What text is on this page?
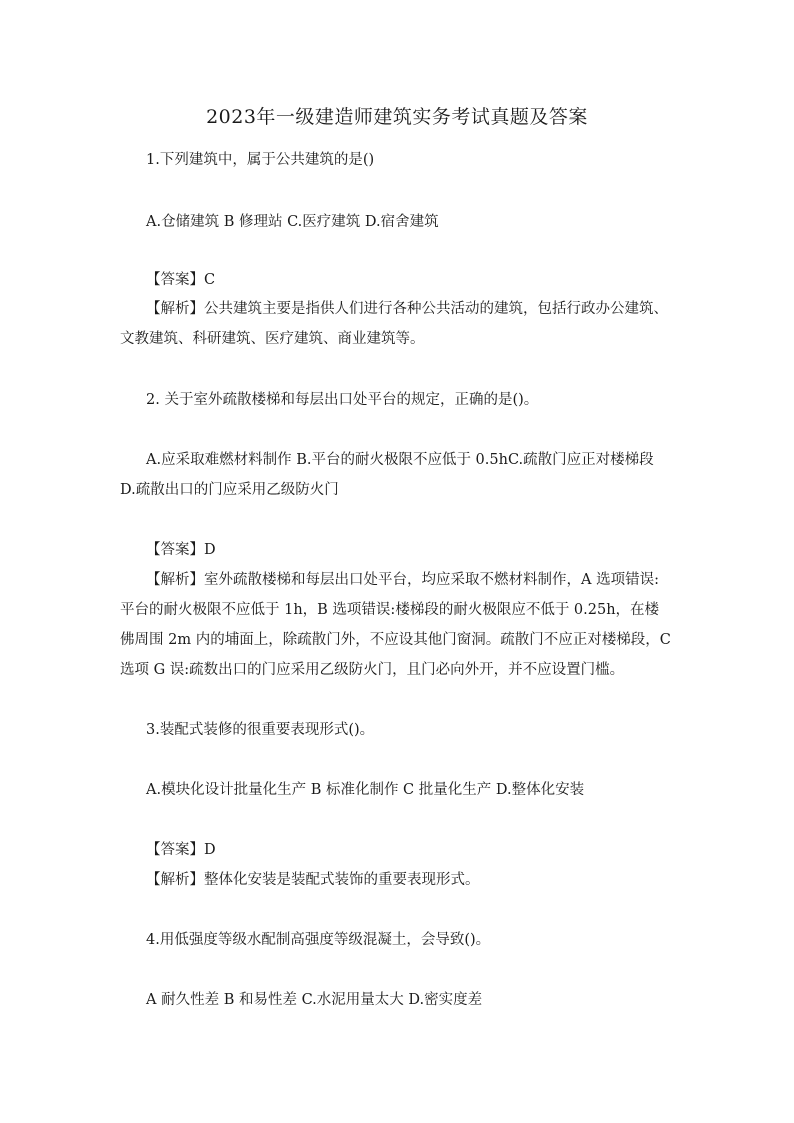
2023年一级建造师建筑实务考试真题及答案
1.下列建筑中，属于公共建筑的是()
A.仓储建筑 B 修理站 C.医疗建筑 D.宿舍建筑
【答案】C
【解析】公共建筑主要是指供人们进行各种公共活动的建筑，包括行政办公建筑、文教建筑、科研建筑、医疗建筑、商业建筑等。
2. 关于室外疏散楼梯和每层出口处平台的规定，正确的是()。
A.应采取难燃材料制作 B.平台的耐火极限不应低于 0.5hC.疏散门应正对楼梯段 D.疏散出口的门应采用乙级防火门
【答案】D
【解析】室外疏散楼梯和每层出口处平台，均应采取不燃材料制作，A 选项错误:平台的耐火极限不应低于 1h，B 选项错误:楼梯段的耐火极限应不低于 0.25h，在楼佛周围 2m 内的埔面上，除疏散门外，不应设其他门窗洞。疏散门不应正对楼梯段，C 选项 G 误:疏数出口的门应采用乙级防火门，且门必向外开，并不应设置门槛。
3.装配式装修的很重要表现形式()。
A.模块化设计批量化生产 B 标准化制作 C 批量化生产 D.整体化安装
【答案】D
【解析】整体化安装是装配式装饰的重要表现形式。
4.用低强度等级水配制高强度等级混凝土，会导致()。
A 耐久性差 B 和易性差 C.水泥用量太大 D.密实度差
